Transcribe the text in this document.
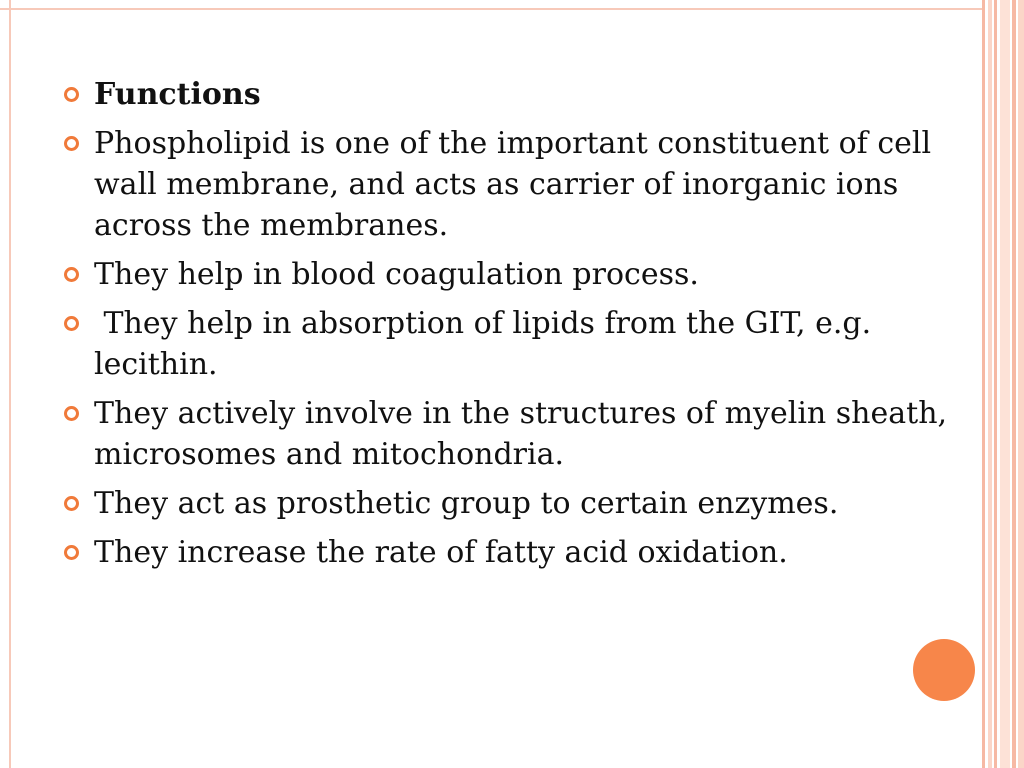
Functions
Phospholipid is one of the important constituent of cell wall membrane, and acts as carrier of inorganic ions across the membranes.
They help in blood coagulation process.
They help in absorption of lipids from the GIT, e.g. lecithin.
They actively involve in the structures of myelin sheath, microsomes and mitochondria.
They act as prosthetic group to certain enzymes.
They increase the rate of fatty acid oxidation.
